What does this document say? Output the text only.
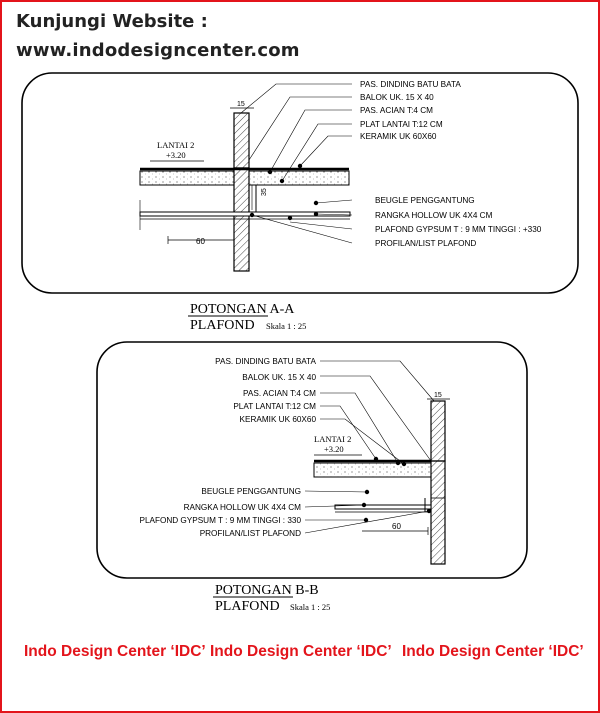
Kunjungi Website :
www.indodesigncenter.com
60
15
35
LANTAI 2
+3.20
PAS. DINDING BATU BATA
BALOK UK. 15 X 40
PAS. ACIAN T:4 CM
PLAT LANTAI T:12 CM
KERAMIK UK 60X60
BEUGLE PENGGANTUNG
RANGKA HOLLOW UK 4X4 CM
PLAFOND GYPSUM T : 9 MM TINGGI : +330
PROFILAN/LIST PLAFOND
POTONGAN A-A
PLAFOND Skala 1 : 25
60
15
LANTAI 2
+3.20
PAS. DINDING BATU BATA
BALOK UK. 15 X 40
PAS. ACIAN T:4 CM
PLAT LANTAI T:12 CM
KERAMIK UK 60X60
BEUGLE PENGGANTUNG
RANGKA HOLLOW UK 4X4 CM
PLAFOND GYPSUM T : 9 MM TINGGI : 330
PROFILAN/LIST PLAFOND
POTONGAN B-B
PLAFOND Skala 1 : 25
Indo Design Center ‘IDC’ Indo Design Center ‘IDC’ Indo Design Center ‘IDC’
